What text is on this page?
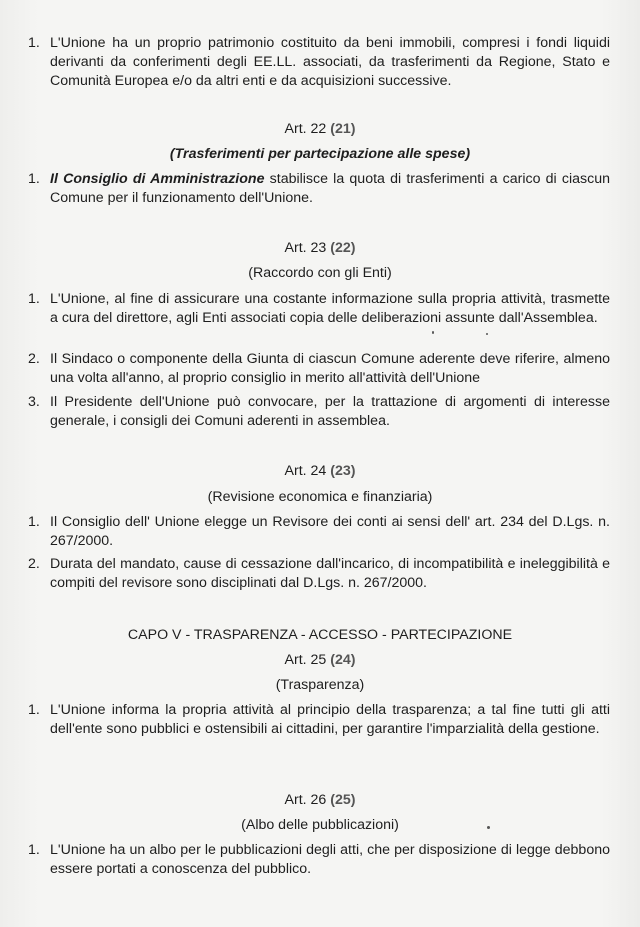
1. L'Unione ha un proprio patrimonio costituito da beni immobili, compresi i fondi liquidi derivanti da conferimenti degli EE.LL. associati, da trasferimenti da Regione, Stato e Comunità Europea e/o da altri enti e da acquisizioni successive.
Art. 22 (21)
(Trasferimenti per partecipazione alle spese)
1. Il Consiglio di Amministrazione stabilisce la quota di trasferimenti a carico di ciascun Comune per il funzionamento dell'Unione.
Art. 23 (22)
(Raccordo con gli Enti)
1. L'Unione, al fine di assicurare una costante informazione sulla propria attività, trasmette a cura del direttore, agli Enti associati copia delle deliberazioni assunte dall'Assemblea.
2. Il Sindaco o componente della Giunta di ciascun Comune aderente deve riferire, almeno una volta all'anno, al proprio consiglio in merito all'attività dell'Unione
3. Il Presidente dell'Unione può convocare, per la trattazione di argomenti di interesse generale, i consigli dei Comuni aderenti in assemblea.
Art. 24 (23)
(Revisione economica e finanziaria)
1. Il Consiglio dell' Unione elegge un Revisore dei conti ai sensi dell' art. 234 del D.Lgs. n. 267/2000.
2. Durata del mandato, cause di cessazione dall'incarico, di incompatibilità e ineleggibilità e compiti del revisore sono disciplinati dal D.Lgs. n. 267/2000.
CAPO V - TRASPARENZA - ACCESSO - PARTECIPAZIONE
Art. 25 (24)
(Trasparenza)
1. L'Unione informa la propria attività al principio della trasparenza; a tal fine tutti gli atti dell'ente sono pubblici e ostensibili ai cittadini, per garantire l'imparzialità della gestione.
Art. 26 (25)
(Albo delle pubblicazioni)
1. L'Unione ha un albo per le pubblicazioni degli atti, che per disposizione di legge debbono essere portati a conoscenza del pubblico.
